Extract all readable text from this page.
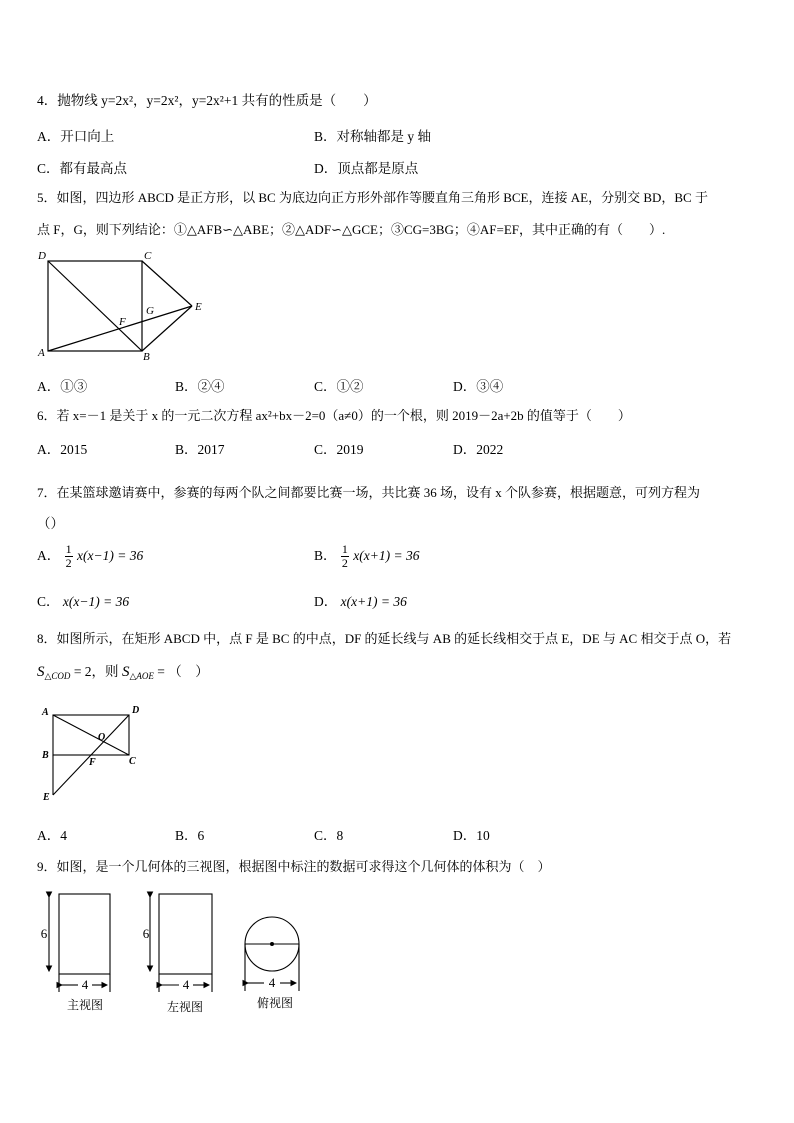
4．抛物线 y=2x²，y=2x²，y=2x²+1 共有的性质是（　　）
A．开口向上	B．对称轴都是 y 轴
C．都有最高点	D．顶点都是原点
5．如图，四边形 ABCD 是正方形，以 BC 为底边向正方形外部作等腰直角三角形 BCE，连接 AE，分别交 BD，BC 于
点 F，G，则下列结论：①△AFB∽△ABE；②△ADF∽△GCE；③CG=3BG；④AF=EF，其中正确的有（　　）.
D	C
A	B
F
G	E
A．①③	B．②④	C．①②	D．③④
6．若 x=－1 是关于 x 的一元二次方程 ax²+bx－2=0（a≠0）的一个根，则 2019－2a+2b 的值等于（　　）
A．2015	B．2017	C．2019	D．2022
7．在某篮球邀请赛中，参赛的每两个队之间都要比赛一场，共比赛 36 场，设有 x 个队参赛，根据题意，可列方程为
（）
A． $\frac{1}{2} x(x-1) = 36$	B． $\frac{1}{2} x(x+1) = 36$
C． x(x−1) = 36	D． x(x+1) = 36
8．如图所示，在矩形 ABCD 中，点 F 是 BC 的中点，DF 的延长线与 AB 的延长线相交于点 E，DE 与 AC 相交于点 O，若
$S_{\triangle COD} = 2$，则 $S_{\triangle AOE}$ = （　）
A	D
O
B
F	C
E
A．4	B．6	C．8	D．10
9．如图，是一个几何体的三视图，根据图中标注的数据可求得这个几何体的体积为（　）
6
4
6
4	4
主视图	左视图	俯视图
